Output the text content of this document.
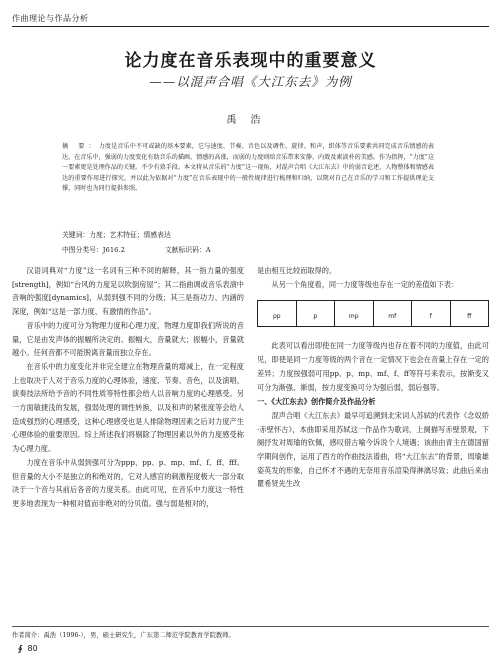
作曲理论与作品分析
论力度在音乐表现中的重要意义
——以混声合唱《大江东去》为例
禹浩
摘 要：力度是音乐中不可或缺的基本要素，它与速度、节奏、音色以及调性、旋律、和声，织体等音乐要素共同完成音乐情感的表达。在音乐中，强弱的力度变化有助音乐的描画、情感的高涨，而弱的力度则给音乐带来安静、内敛及素淡朴的美感。作为指挥，“力度”这一要素更是处理作品的关键。不少有效手段。本文将从音乐的“力度”这一视角，对混声合唱《大江东去》中的弱音论述，人物整体和情感表达的重要作用进行探究，并以此为依据对“力度”在音乐表现中的一般性规律进行梳理和归纳，以期对自己在音乐的学习和工作提供理论支撑，同时也为同行提供参照。
关键词：力度；艺术特征；情感表达
中图分类号：J616.2	文献标识码：A

汉语词典对“力度”这一名词有三种不同的解释，其一指力量的强度[strength]，例如“台风的力度足以吹倒房屋”；其二指曲调或音乐表演中音响的强度[dynamics]，从弱到强不同的分级；其三是指功力、内涵的深度，例如“这是一部力度、有激情的作品”。

音乐中的力度可分为物理力度和心理力度，物理力度即我们所说的音量，它是由发声体的振幅所决定的。振幅大，音量就大；振幅小，音量就越小。任何音都不可能脱离音量而独立存在。

在音乐中的力度变化并非完全建立在物理音量的增减上，在一定程度上也取决于人对于音乐力度的心理体验，速度、节奏、音色，以及演唱、演奏技法所给予音的不同性质等特性都会给人以音响力度的心理感受。另一方面敏捷浅的发展，强弱处理的调性转换，以及和声的紧张度等会给人造成强烈的心理感受，这种心理感受也是人排除物理因素之后对力度产生心理体验的重要原因。综上所述我们将剔除了物理因素以外的力度感受称为心理力度。

力度在音乐中从弱到强可分为ppp、pp、p、mp、mf、f、ff、fff。但音量的大小不是独立的和绝对的，它对人感官的刺激程度极大一部分取决于一个音与其前后各音的力度关系。由此可见，在音乐中力度这一特性更多地表现为一种相对值而非绝对的分贝值。强与弱是相对的，

是由相互比较而取得的。

从另一个角度看，同一力度等级也存在一定的差值如下表：

pp	p	mp	mf	f	ff

此表可以看出即使在同一力度等级内也存在着不同的力度值，由此可见，即使是同一力度等级的两个音在一定情况下也会在音量上存在一定的差异；力度按强弱可用pp、p、mp、mf、f、ff等符号来表示，按渐变又可分为渐强、渐弱，按力度变换可分为强后弱，弱后强等。

一、《大江东去》创作简介及作品分析

混声合唱《大江东去》最早可追溯到北宋词人苏轼的代表作《念奴娇·赤壁怀古》，本曲即采用苏轼这一作品作为歌词，上阕描写赤壁景观，下阕抒发对周瑜的钦佩，感叹借古喻今诉说个人境遇；该曲由青主在德国留学期间创作，运用了西方的作曲技法谱曲，将“大江东去”的背景，周瑜雄姿英发的形象，自己怀才不遇的无奈用音乐渲染得淋漓尽致；此曲后来由瞿希贤先生改

作者简介：禹浩（1996-），男，硕士研究生，广东第二师范学院教育学院教师。
∮ 80
